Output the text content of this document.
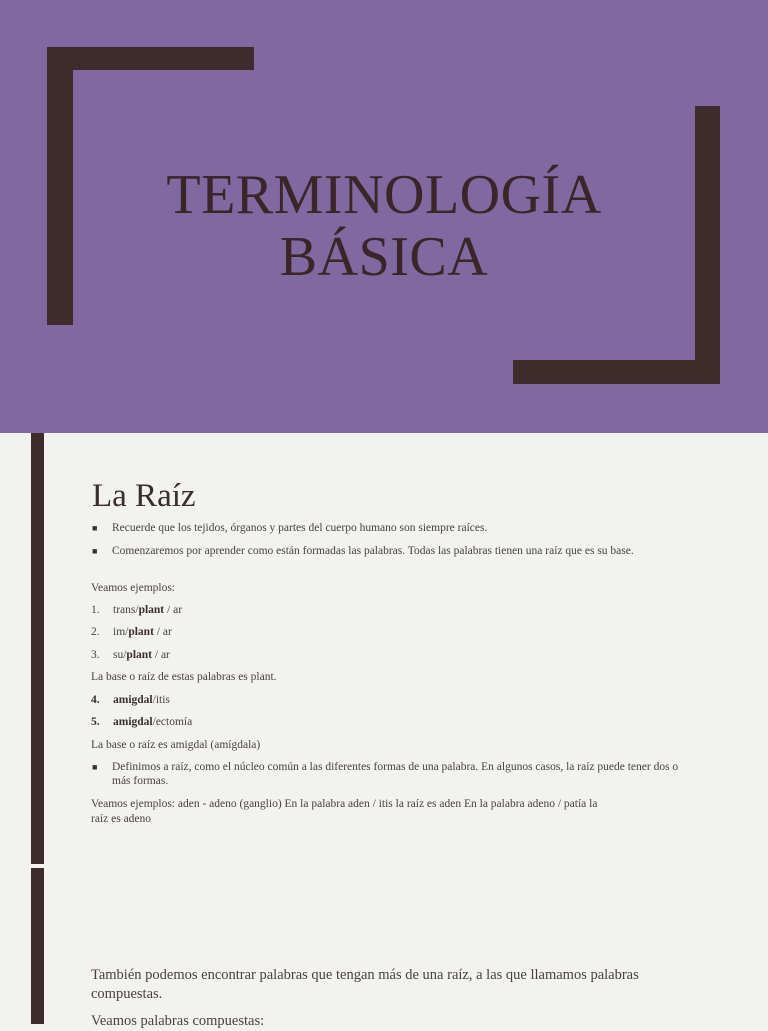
TERMINOLOGÍA
BÁSICA
La Raíz
■ Recuerde que los tejidos, órganos y partes del cuerpo humano son siempre raíces.
■ Comenzaremos por aprender como están formadas las palabras. Todas las palabras tienen una raíz que es su base.
Veamos ejemplos:
1. trans/plant / ar
2. im/plant / ar
3. su/plant / ar
La base o raíz de estas palabras es plant.
4. amigdal/itis
5. amigdal/ectomía
La base o raíz es amigdal (amígdala)
■ Definimos a raíz, como el núcleo común a las diferentes formas de una palabra. En algunos casos, la raíz puede tener dos o más formas.
Veamos ejemplos: aden - adeno (ganglio) En la palabra aden / itis la raíz es aden En la palabra adeno / patía la
raíz es adeno
También podemos encontrar palabras que tengan más de una raíz, a las que llamamos palabras compuestas.
Veamos palabras compuestas:
